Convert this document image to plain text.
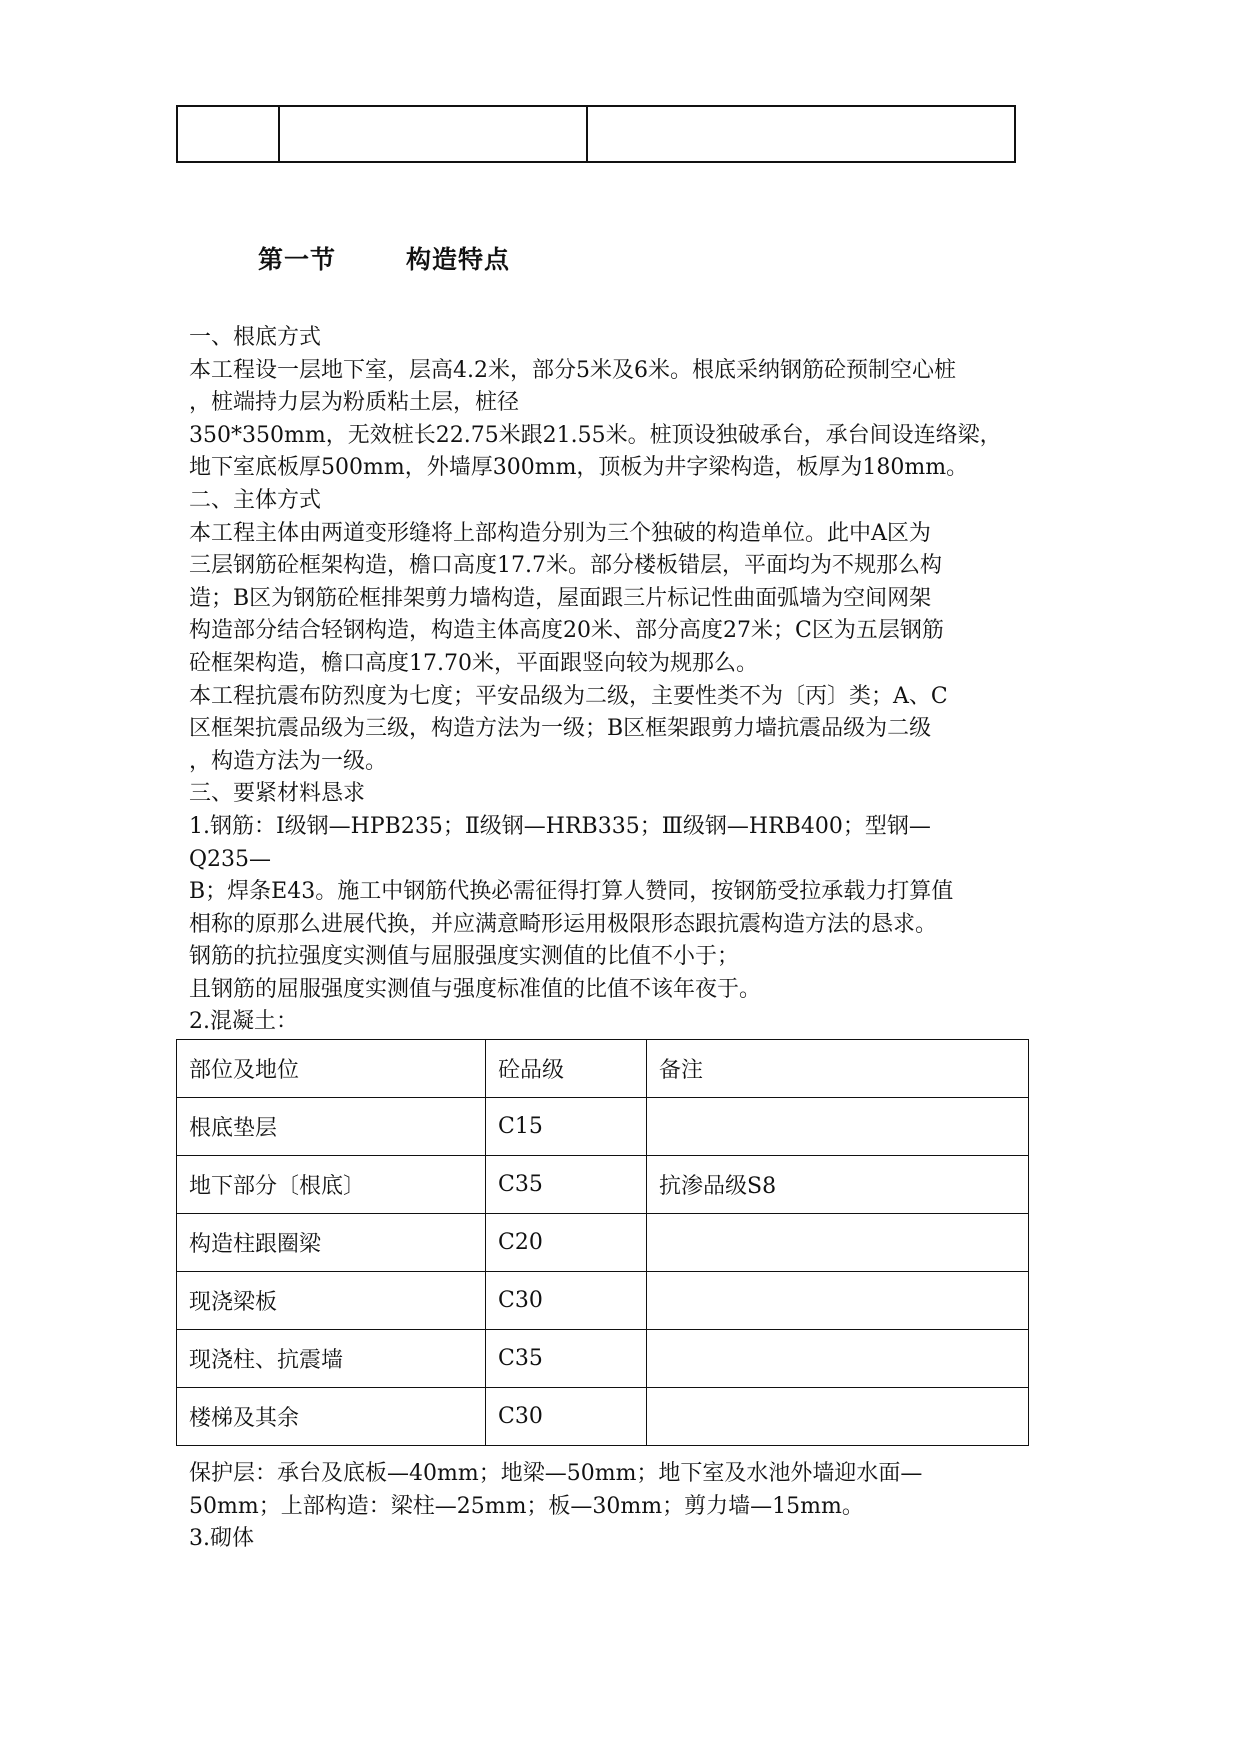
第一节	构造特点

一、根底方式

本工程设一层地下室，层高4.2米，部分5米及6米。根底采纳钢筋砼预制空心桩

，桩端持力层为粉质粘土层，桩径

350*350mm，无效桩长22.75米跟21.55米。桩顶设独破承台，承台间设连络梁，

地下室底板厚500mm，外墙厚300mm，顶板为井字梁构造，板厚为180mm。

二、主体方式

本工程主体由两道变形缝将上部构造分别为三个独破的构造单位。此中A区为

三层钢筋砼框架构造，檐口高度17.7米。部分楼板错层，平面均为不规那么构

造；B区为钢筋砼框排架剪力墙构造，屋面跟三片标记性曲面弧墙为空间网架

构造部分结合轻钢构造，构造主体高度20米、部分高度27米；C区为五层钢筋

砼框架构造，檐口高度17.70米，平面跟竖向较为规那么。

本工程抗震布防烈度为七度；平安品级为二级，主要性类不为〔丙〕类；A、C

区框架抗震品级为三级，构造方法为一级；B区框架跟剪力墙抗震品级为二级

，构造方法为一级。

三、要紧材料恳求

1.钢筋：Ⅰ级钢—HPB235；Ⅱ级钢—HRB335；Ⅲ级钢—HRB400；型钢—

Q235—

B；焊条E43。施工中钢筋代换必需征得打算人赞同，按钢筋受拉承载力打算值

相称的原那么进展代换，并应满意畸形运用极限形态跟抗震构造方法的恳求。

钢筋的抗拉强度实测值与屈服强度实测值的比值不小于；

且钢筋的屈服强度实测值与强度标准值的比值不该年夜于。

2.混凝土：

部位及地位	砼品级	备注
根底垫层	C15	
地下部分〔根底〕	C35	抗渗品级S8
构造柱跟圈梁	C20	
现浇梁板	C30	
现浇柱、抗震墙	C35	
楼梯及其余	C30	

保护层：承台及底板—40mm；地梁—50mm；地下室及水池外墙迎水面—

50mm；上部构造：梁柱—25mm；板—30mm；剪力墙—15mm。

3.砌体
